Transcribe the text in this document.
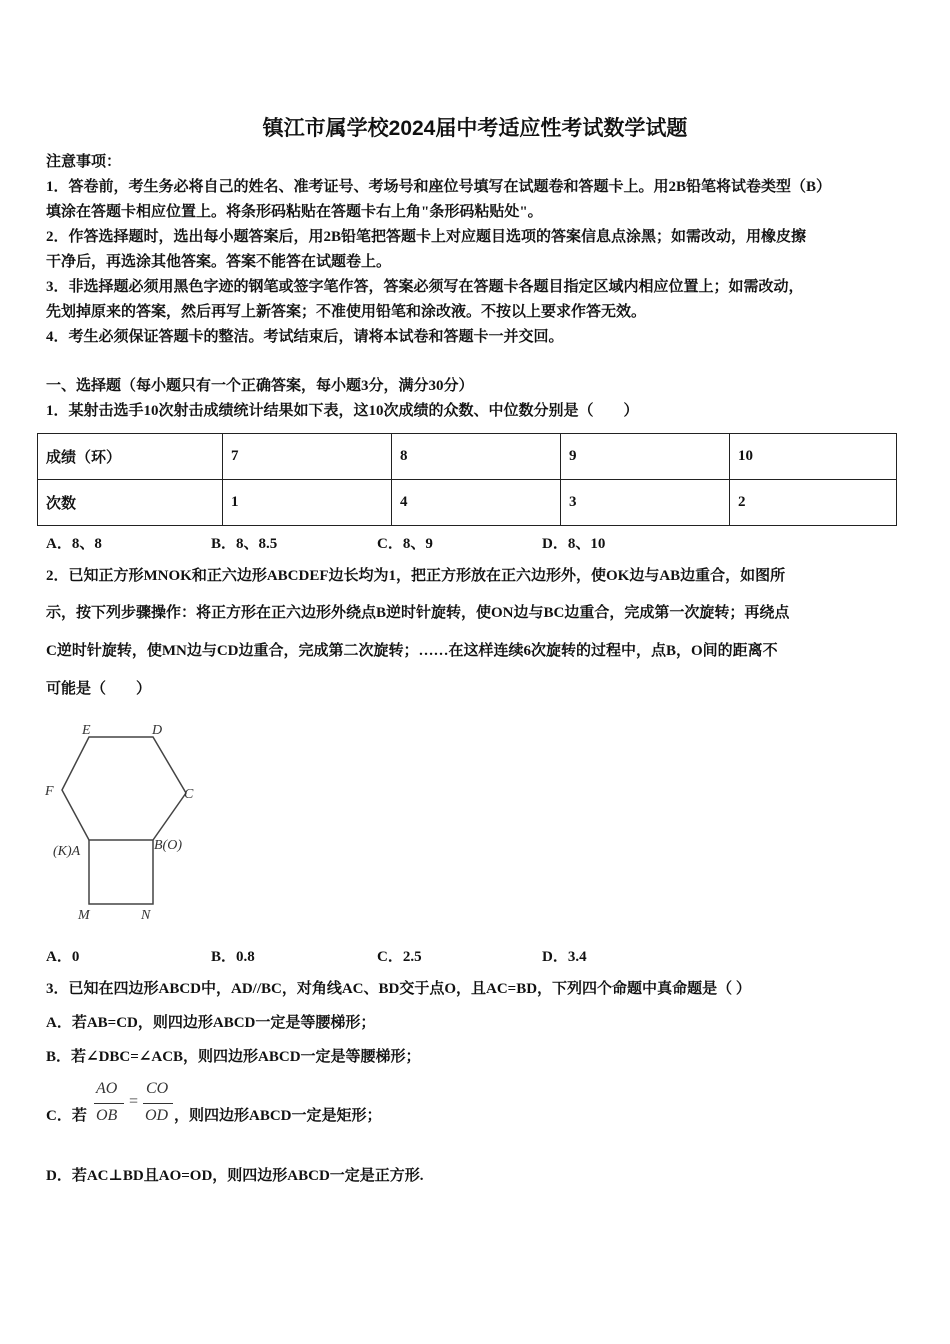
镇江市属学校2024届中考适应性考试数学试题
注意事项：
1．答卷前，考生务必将自己的姓名、准考证号、考场号和座位号填写在试题卷和答题卡上。用2B铅笔将试卷类型（B）
填涂在答题卡相应位置上。将条形码粘贴在答题卡右上角"条形码粘贴处"。
2．作答选择题时，选出每小题答案后，用2B铅笔把答题卡上对应题目选项的答案信息点涂黑；如需改动，用橡皮擦
干净后，再选涂其他答案。答案不能答在试题卷上。
3．非选择题必须用黑色字迹的钢笔或签字笔作答，答案必须写在答题卡各题目指定区域内相应位置上；如需改动，
先划掉原来的答案，然后再写上新答案；不准使用铅笔和涂改液。不按以上要求作答无效。
4．考生必须保证答题卡的整洁。考试结束后，请将本试卷和答题卡一并交回。
一、选择题（每小题只有一个正确答案，每小题3分，满分30分）
1．某射击选手10次射击成绩统计结果如下表，这10次成绩的众数、中位数分别是（　　）
成绩（环）	7	8	9	10
次数	1	4	3	2
A．8、8	B．8、8.5	C．8、9	D．8、10
2．已知正方形MNOK和正六边形ABCDEF边长均为1，把正方形放在正六边形外，使OK边与AB边重合，如图所
示，按下列步骤操作：将正方形在正六边形外绕点B逆时针旋转，使ON边与BC边重合，完成第一次旋转；再绕点
C逆时针旋转，使MN边与CD边重合，完成第二次旋转；……在这样连续6次旋转的过程中，点B，O间的距离不
可能是（　　）
E	D
F	C
(K)A	B(O)
M	N
A．0	B．0.8	C．2.5	D．3.4
3．已知在四边形ABCD中，AD//BC，对角线AC、BD交于点O，且AC=BD，下列四个命题中真命题是（ ）
A．若AB=CD，则四边形ABCD一定是等腰梯形；
B．若∠DBC=∠ACB，则四边形ABCD一定是等腰梯形；
C．若
AO
OB
=
CO
OD ，则四边形ABCD一定是矩形；
D．若AC⊥BD且AO=OD，则四边形ABCD一定是正方形.
